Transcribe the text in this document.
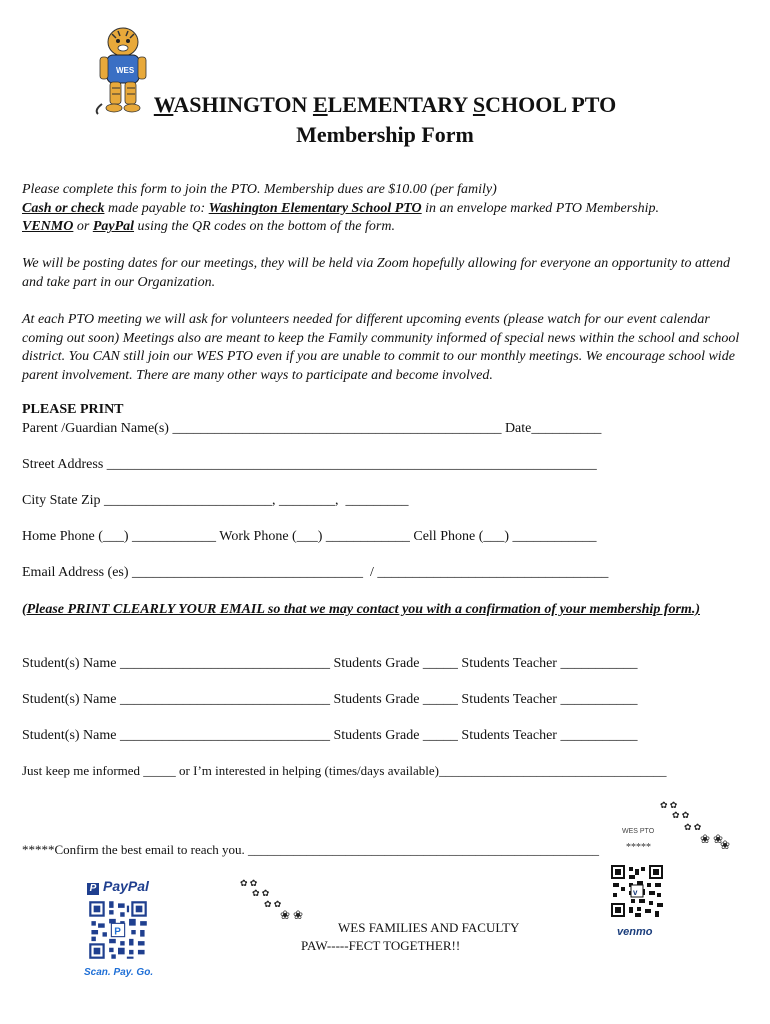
WES
WASHINGTON ELEMENTARY SCHOOL PTO
Membership Form
Please complete this form to join the PTO. Membership dues are $10.00 (per family)
Cash or check made payable to: Washington Elementary School PTO in an envelope marked PTO Membership.
VENMO or PayPal using the QR codes on the bottom of the form.
We will be posting dates for our meetings, they will be held via Zoom hopefully allowing for everyone an opportunity to attend and take part in our Organization.
At each PTO meeting we will ask for volunteers needed for different upcoming events (please watch for our event calendar coming out soon) Meetings also are meant to keep the Family community informed of special news within the school and school district. You CAN still join our WES PTO even if you are unable to commit to our monthly meetings. We encourage school wide parent involvement. There are many other ways to participate and become involved.
PLEASE PRINT
Parent /Guardian Name(s) _______________________________________________ Date__________
Street Address ______________________________________________________________________
City State Zip ________________________, ________,  _________
Home Phone (___) ____________ Work Phone (___) ____________ Cell Phone (___) ____________
Email Address (es) _________________________________  / _________________________________
(Please PRINT CLEARLY YOUR EMAIL so that we may contact you with a confirmation of your membership form.)
Student(s) Name ______________________________ Students Grade _____ Students Teacher ___________
Student(s) Name ______________________________ Students Grade _____ Students Teacher ___________
Student(s) Name ______________________________ Students Grade _____ Students Teacher ___________
Just keep me informed _____ or I’m interested in helping (times/days available)___________________________________
*****Confirm the best email to reach you. ______________________________________________________
✿ ✿
✿ ✿
✿ ✿
❀ ❀
❀
WES PTO
*****
v
venmo
P PayPal
P
Scan. Pay. Go.
✿ ✿
✿ ✿
✿ ✿
❀ ❀
WES FAMILIES AND FACULTY
PAW-----FECT TOGETHER!!
